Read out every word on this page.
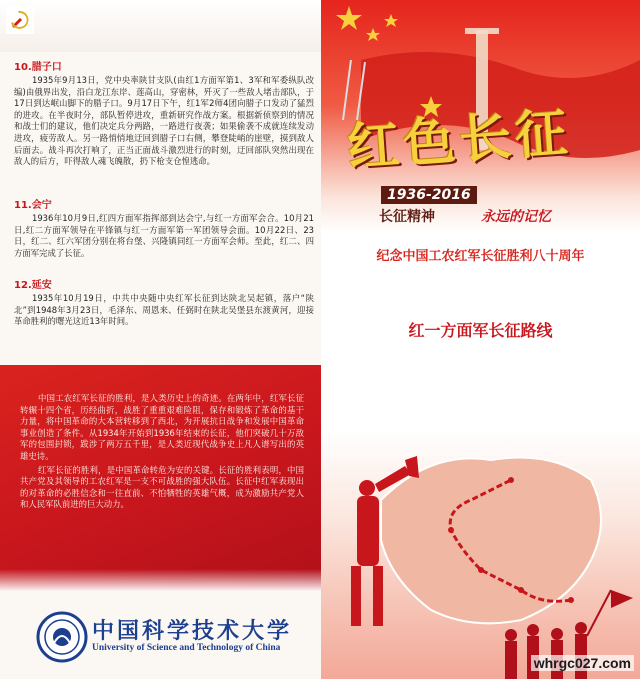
10.腊子口
1935年9月13日，党中央率陕甘支队(由红1方面军第1、3军和军委纵队改编)由俄界出发，沿白龙江东岸、莲高山，穿密林，歼灭了一些敌人堵击部队，于17日到达岷山脚下的腊子口。9月17日下午，红1军2师4团向腊子口发动了猛烈的进攻。在半夜时分，部队暂停进攻，重新研究作战方案。根据新侦察到的情况和战士们的建议，他们决定兵分两路，一路进行夜袭；如果偷袭不成就连续发动进攻，疲劳敌人。另一路悄悄地迂回到腊子口右侧，攀登陡峭的崖壁，摸到敌人后面去。战斗再次打响了，正当正面战斗激烈进行的时刻，迂回部队突然出现在敌人的后方，吓得敌人魂飞魄散，扔下枪支仓惶逃命。
11.会宁
1936年10月9日,红四方面军指挥部到达会宁,与红一方面军会合。10月21日,红二方面军领导在平锋镇与红一方面军第一军团领导会面。10月22日、23日，红二、红六军团分别在将台堡、兴隆镇同红一方面军会师。至此，红二、四方面军完成了长征。
12.延安
1935年10月19日，中共中央随中央红军长征到达陕北吴起镇，落户“陕北”到1948年3月23日，毛泽东、周恩来、任弼时在陕北吴堡县东渡黄河，迎接革命胜利的曙光这近13年时间。

中国工农红军长征的胜利，是人类历史上的奇迹。在两年中，红军长征转辗十四个省，历经曲折，战胜了重重艰难险阻，保存和锻炼了革命的基干力量，将中国革命的大本营转移到了西北，为开展抗日战争和发展中国革命事业创造了条件。从1934年开始到1936年结束的长征，他们突破几十万敌军的包围封锁，跋涉了两万五千里，是人类近现代战争史上凡人谱写出的英雄史诗。

红军长征的胜利，是中国革命转危为安的关键。长征的胜利表明，中国共产党及其领导的工农红军是一支不可战胜的强大队伍。长征中红军表现出的对革命的必胜信念和一往直前、不怕牺牲的英雄气概，成为激励共产党人和人民军队前进的巨大动力。

中国科学技术大学
University of Science and Technology of China
红色长征
1936-2016
长征精神	永远的记忆
纪念中国工农红军长征胜利八十周年
红一方面军长征路线
whrgc027.com
